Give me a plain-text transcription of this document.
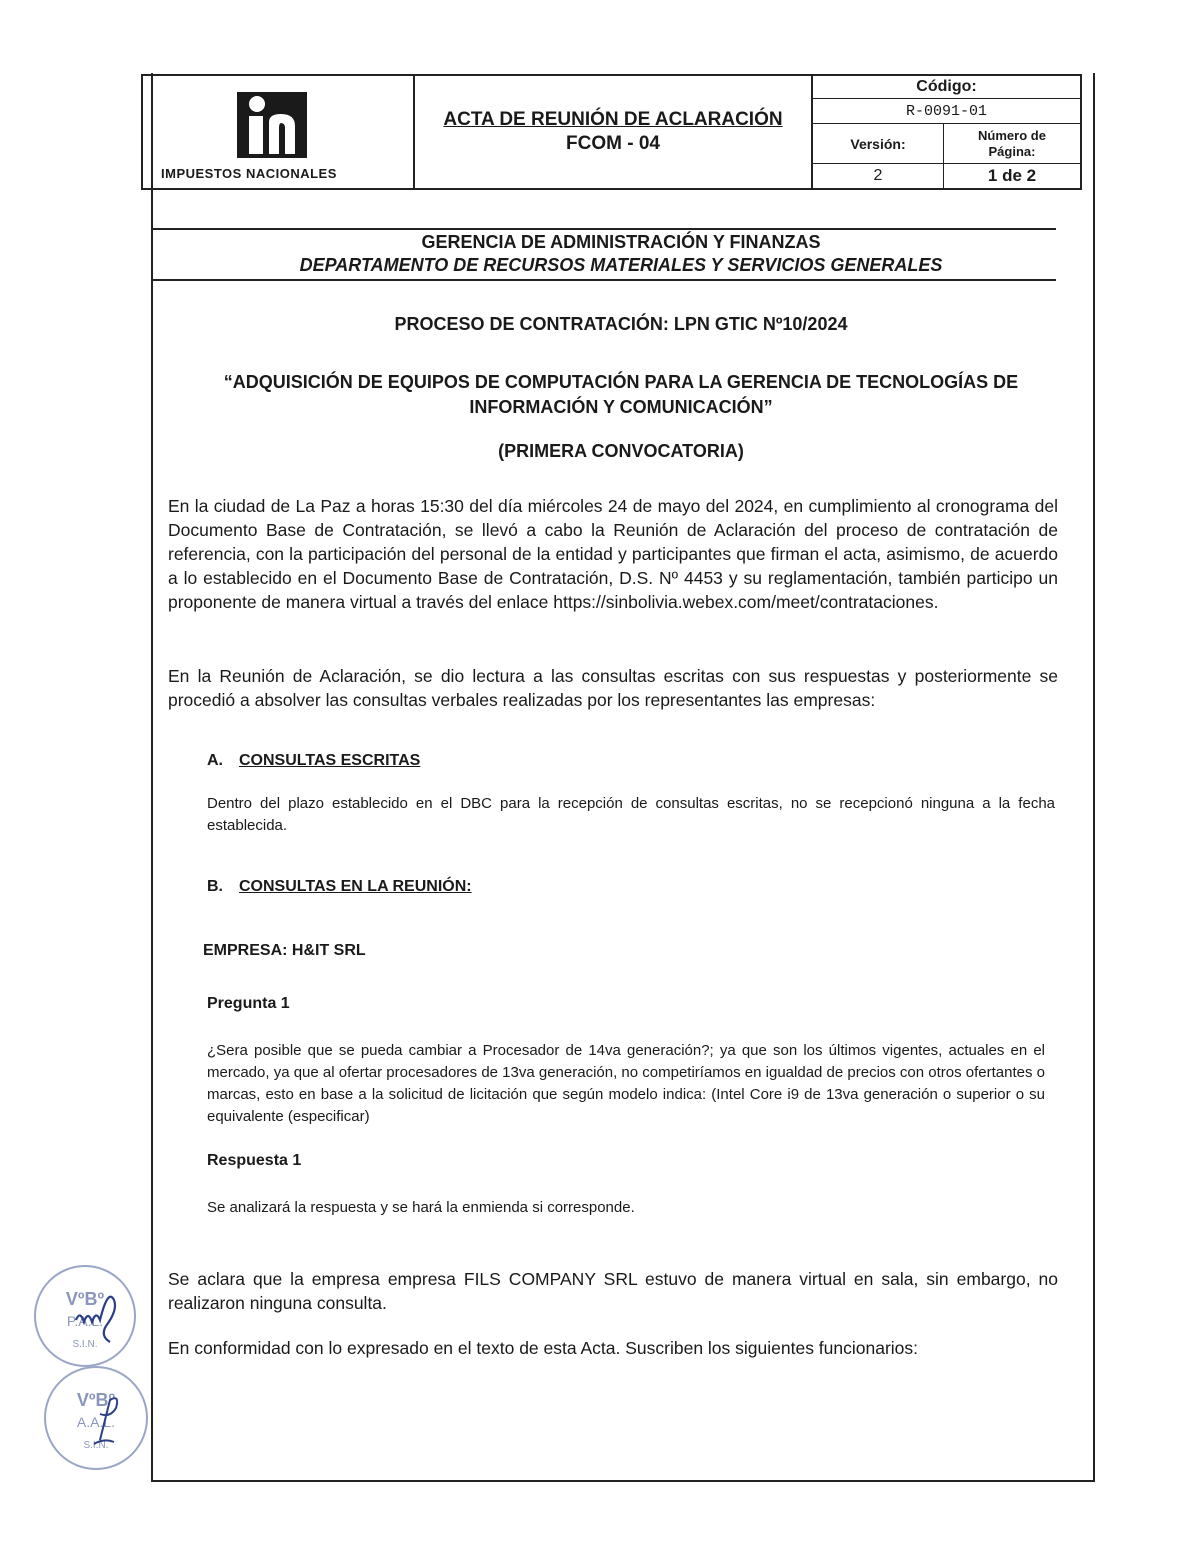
IMPUESTOS NACIONALES
ACTA DE REUNIÓN DE ACLARACIÓN
FCOM - 04
Código:
R-0091-01
Versión:
Número de
Página:
2	1 de 2
GERENCIA DE ADMINISTRACIÓN Y FINANZAS
DEPARTAMENTO DE RECURSOS MATERIALES Y SERVICIOS GENERALES
PROCESO DE CONTRATACIÓN: LPN GTIC Nº10/2024
“ADQUISICIÓN DE EQUIPOS DE COMPUTACIÓN PARA LA GERENCIA DE TECNOLOGÍAS DE
INFORMACIÓN Y COMUNICACIÓN”
(PRIMERA CONVOCATORIA)
En la ciudad de La Paz a horas 15:30 del día miércoles 24 de mayo del 2024, en cumplimiento al cronograma del Documento Base de Contratación, se llevó a cabo la Reunión de Aclaración del proceso de contratación de referencia, con la participación del personal de la entidad y participantes que firman el acta, asimismo, de acuerdo a lo establecido en el Documento Base de Contratación, D.S. Nº 4453 y su reglamentación, también participo un proponente de manera virtual a través del enlace https://sinbolivia.webex.com/meet/contrataciones.
En la Reunión de Aclaración, se dio lectura a las consultas escritas con sus respuestas y posteriormente se procedió a absolver las consultas verbales realizadas por los representantes las empresas:
A. CONSULTAS ESCRITAS
Dentro del plazo establecido en el DBC para la recepción de consultas escritas, no se recepcionó ninguna a la fecha establecida.
B. CONSULTAS EN LA REUNIÓN:
EMPRESA: H&IT SRL
Pregunta 1
¿Sera posible que se pueda cambiar a Procesador de 14va generación?; ya que son los últimos vigentes, actuales en el mercado, ya que al ofertar procesadores de 13va generación, no competiríamos en igualdad de precios con otros ofertantes o marcas, esto en base a la solicitud de licitación que según modelo indica: (Intel Core i9 de 13va generación o superior o su equivalente (especificar)
Respuesta 1
Se analizará la respuesta y se hará la enmienda si corresponde.
Se aclara que la empresa empresa FILS COMPANY SRL estuvo de manera virtual en sala, sin embargo, no realizaron ninguna consulta.
En conformidad con lo expresado en el texto de esta Acta. Suscriben los siguientes funcionarios:
VºBº
P.A.L.
S.I.N.
VºBº
A.A.L.
S.I.N.
